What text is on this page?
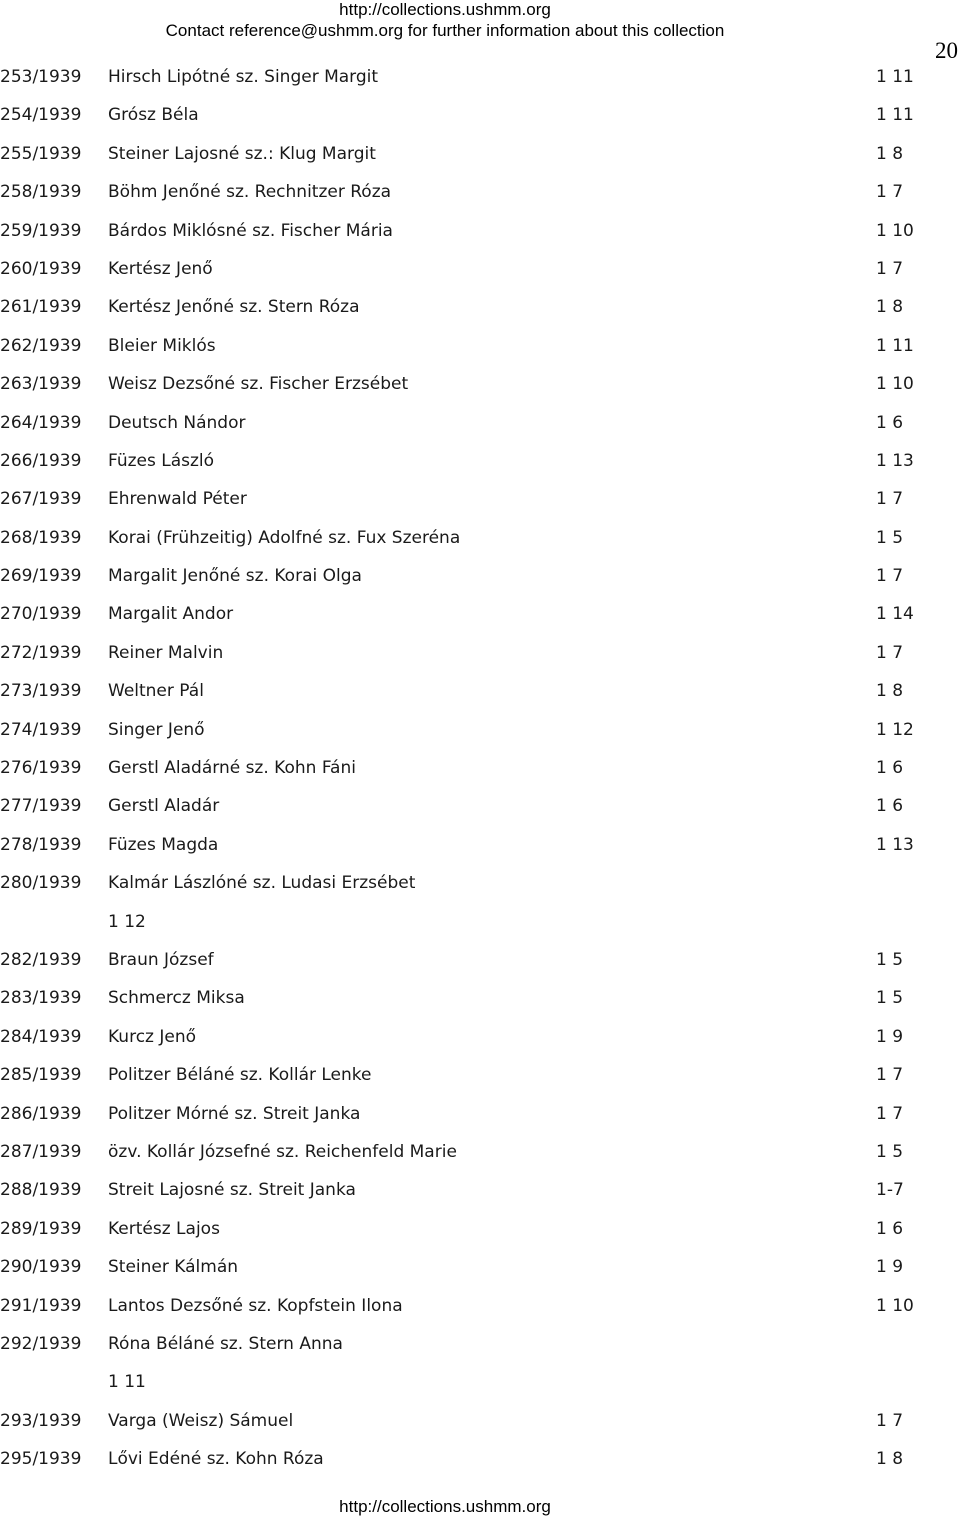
http://collections.ushmm.org
Contact reference@ushmm.org for further information about this collection
20
253/1939 Hirsch Lipótné sz. Singer Margit	1 11
254/1939 Grósz Béla	1 11
255/1939 Steiner Lajosné sz.: Klug Margit	1 8
258/1939 Böhm Jenőné sz. Rechnitzer Róza	1 7
259/1939 Bárdos Miklósné sz. Fischer Mária	1 10
260/1939 Kertész Jenő	1 7
261/1939 Kertész Jenőné sz. Stern Róza	1 8
262/1939 Bleier Miklós	1 11
263/1939 Weisz Dezsőné sz. Fischer Erzsébet	1 10
264/1939 Deutsch Nándor	1 6
266/1939 Füzes László	1 13
267/1939 Ehrenwald Péter	1 7
268/1939 Korai (Frühzeitig) Adolfné sz. Fux Szeréna	1 5
269/1939 Margalit Jenőné sz. Korai Olga	1 7
270/1939 Margalit Andor	1 14
272/1939 Reiner Malvin	1 7
273/1939 Weltner Pál	1 8
274/1939 Singer Jenő	1 12
276/1939 Gerstl Aladárné sz. Kohn Fáni	1 6
277/1939 Gerstl Aladár	1 6
278/1939 Füzes Magda	1 13
280/1939 Kalmár Lászlóné sz. Ludasi Erzsébet
1 12
282/1939 Braun József	1 5
283/1939 Schmercz Miksa	1 5
284/1939 Kurcz Jenő	1 9
285/1939 Politzer Béláné sz. Kollár Lenke	1 7
286/1939 Politzer Mórné sz. Streit Janka	1 7
287/1939 özv. Kollár Józsefné sz. Reichenfeld Marie	1 5
288/1939 Streit Lajosné sz. Streit Janka	1-7
289/1939 Kertész Lajos	1 6
290/1939 Steiner Kálmán	1 9
291/1939 Lantos Dezsőné sz. Kopfstein Ilona	1 10
292/1939 Róna Béláné sz. Stern Anna
1 11
293/1939 Varga (Weisz) Sámuel	1 7
295/1939 Lővi Edéné sz. Kohn Róza	1 8
http://collections.ushmm.org
